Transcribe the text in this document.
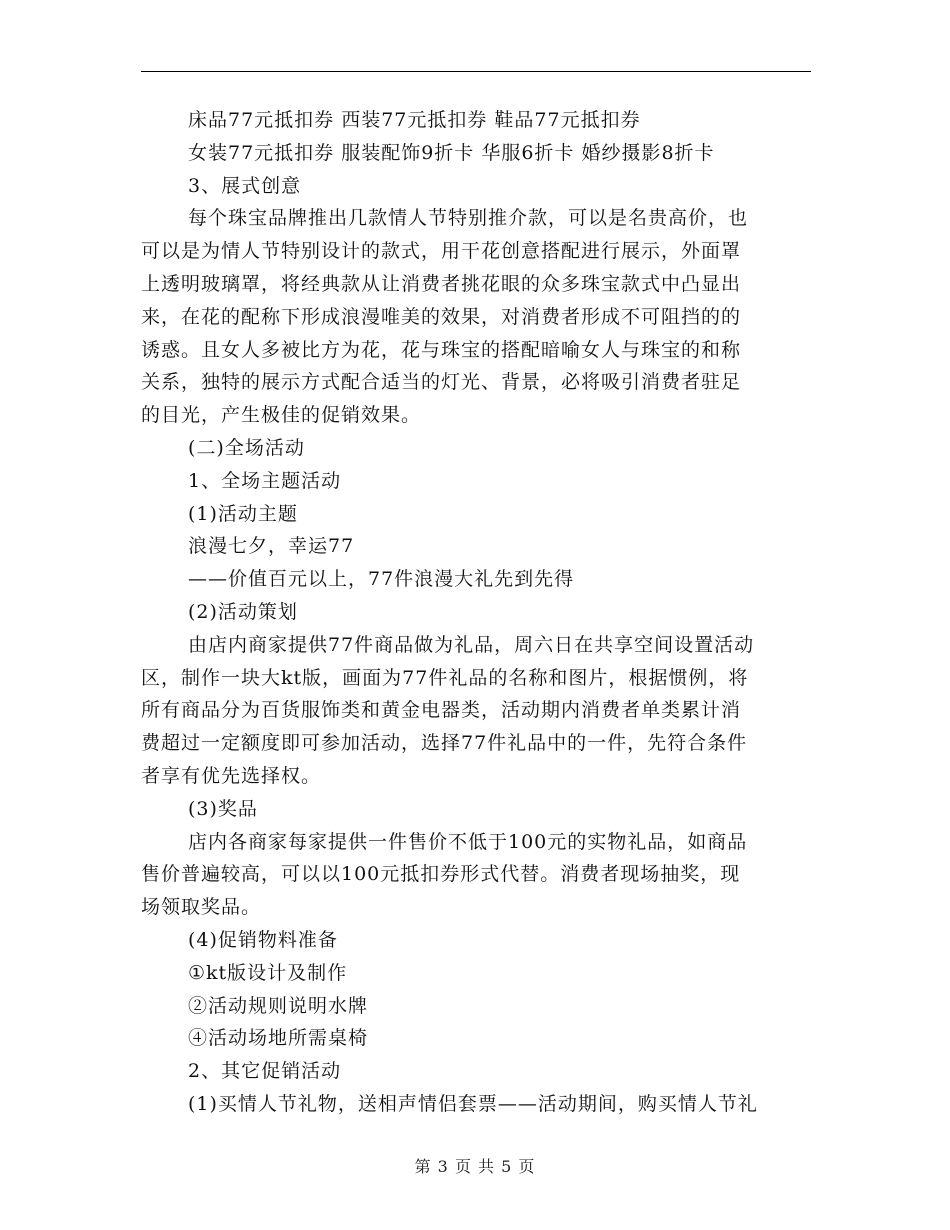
床品77元抵扣券 西装77元抵扣券 鞋品77元抵扣券
女装77元抵扣券 服装配饰9折卡 华服6折卡 婚纱摄影8折卡
3、展式创意
每个珠宝品牌推出几款情人节特别推介款，可以是名贵高价，也
可以是为情人节特别设计的款式，用干花创意搭配进行展示，外面罩
上透明玻璃罩，将经典款从让消费者挑花眼的众多珠宝款式中凸显出
来，在花的配称下形成浪漫唯美的效果，对消费者形成不可阻挡的的
诱惑。且女人多被比方为花，花与珠宝的搭配暗喻女人与珠宝的和称
关系，独特的展示方式配合适当的灯光、背景，必将吸引消费者驻足
的目光，产生极佳的促销效果。
(二)全场活动
1、全场主题活动
(1)活动主题
浪漫七夕，幸运77
——价值百元以上，77件浪漫大礼先到先得
(2)活动策划
由店内商家提供77件商品做为礼品，周六日在共享空间设置活动
区，制作一块大kt版，画面为77件礼品的名称和图片，根据惯例，将
所有商品分为百货服饰类和黄金电器类，活动期内消费者单类累计消
费超过一定额度即可参加活动，选择77件礼品中的一件，先符合条件
者享有优先选择权。
(3)奖品
店内各商家每家提供一件售价不低于100元的实物礼品，如商品
售价普遍较高，可以以100元抵扣券形式代替。消费者现场抽奖，现
场领取奖品。
(4)促销物料准备
①kt版设计及制作
②活动规则说明水牌
④活动场地所需桌椅
2、其它促销活动
(1)买情人节礼物，送相声情侣套票——活动期间，购买情人节礼
第 3 页 共 5 页
